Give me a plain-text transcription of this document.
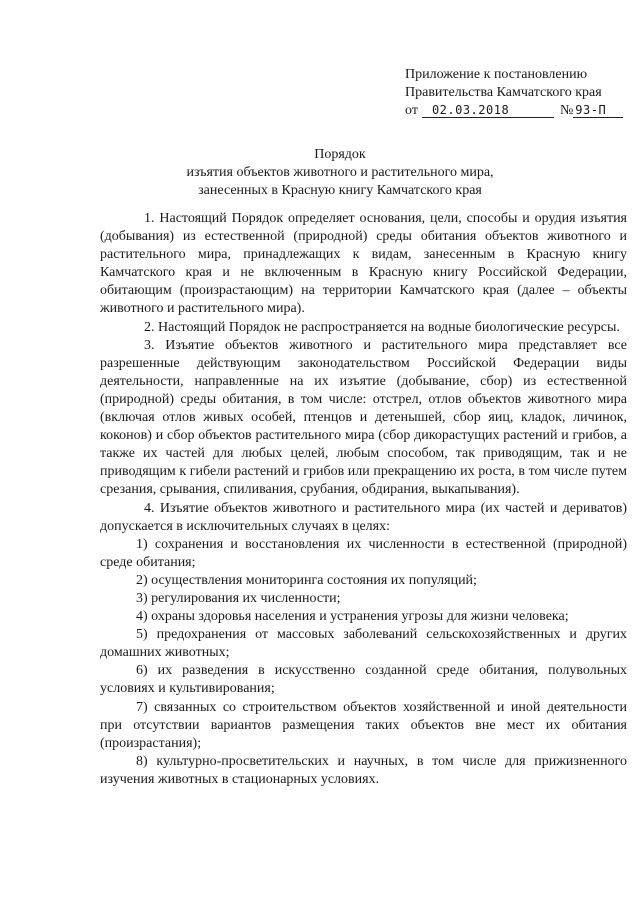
Приложение к постановлению
Правительства Камчатского края
от 02.03.2018	№ 93-П
Порядок
изъятия объектов животного и растительного мира,
занесенных в Красную книгу Камчатского края

1. Настоящий Порядок определяет основания, цели, способы и орудия изъятия (добывания) из естественной (природной) среды обитания объектов животного и растительного мира, принадлежащих к видам, занесенным в Красную книгу Камчатского края и не включенным в Красную книгу Российской Федерации, обитающим (произрастающим) на территории Камчатского края (далее – объекты животного и растительного мира).

2. Настоящий Порядок не распространяется на водные биологические ресурсы.

3. Изъятие объектов животного и растительного мира представляет все разрешенные действующим законодательством Российской Федерации виды деятельности, направленные на их изъятие (добывание, сбор) из естественной (природной) среды обитания, в том числе: отстрел, отлов объектов животного мира (включая отлов живых особей, птенцов и детенышей, сбор яиц, кладок, личинок, коконов) и сбор объектов растительного мира (сбор дикорастущих растений и грибов, а также их частей для любых целей, любым способом, так приводящим, так и не приводящим к гибели растений и грибов или прекращению их роста, в том числе путем срезания, срывания, спиливания, срубания, обдирания, выкапывания).

4. Изъятие объектов животного и растительного мира (их частей и дериватов) допускается в исключительных случаях в целях:

1) сохранения и восстановления их численности в естественной (природной) среде обитания;

2) осуществления мониторинга состояния их популяций;

3) регулирования их численности;

4) охраны здоровья населения и устранения угрозы для жизни человека;

5) предохранения от массовых заболеваний сельскохозяйственных и других домашних животных;

6) их разведения в искусственно созданной среде обитания, полувольных условиях и культивирования;

7) связанных со строительством объектов хозяйственной и иной деятельности при отсутствии вариантов размещения таких объектов вне мест их обитания (произрастания);

8) культурно-просветительских и научных, в том числе для прижизненного изучения животных в стационарных условиях.
